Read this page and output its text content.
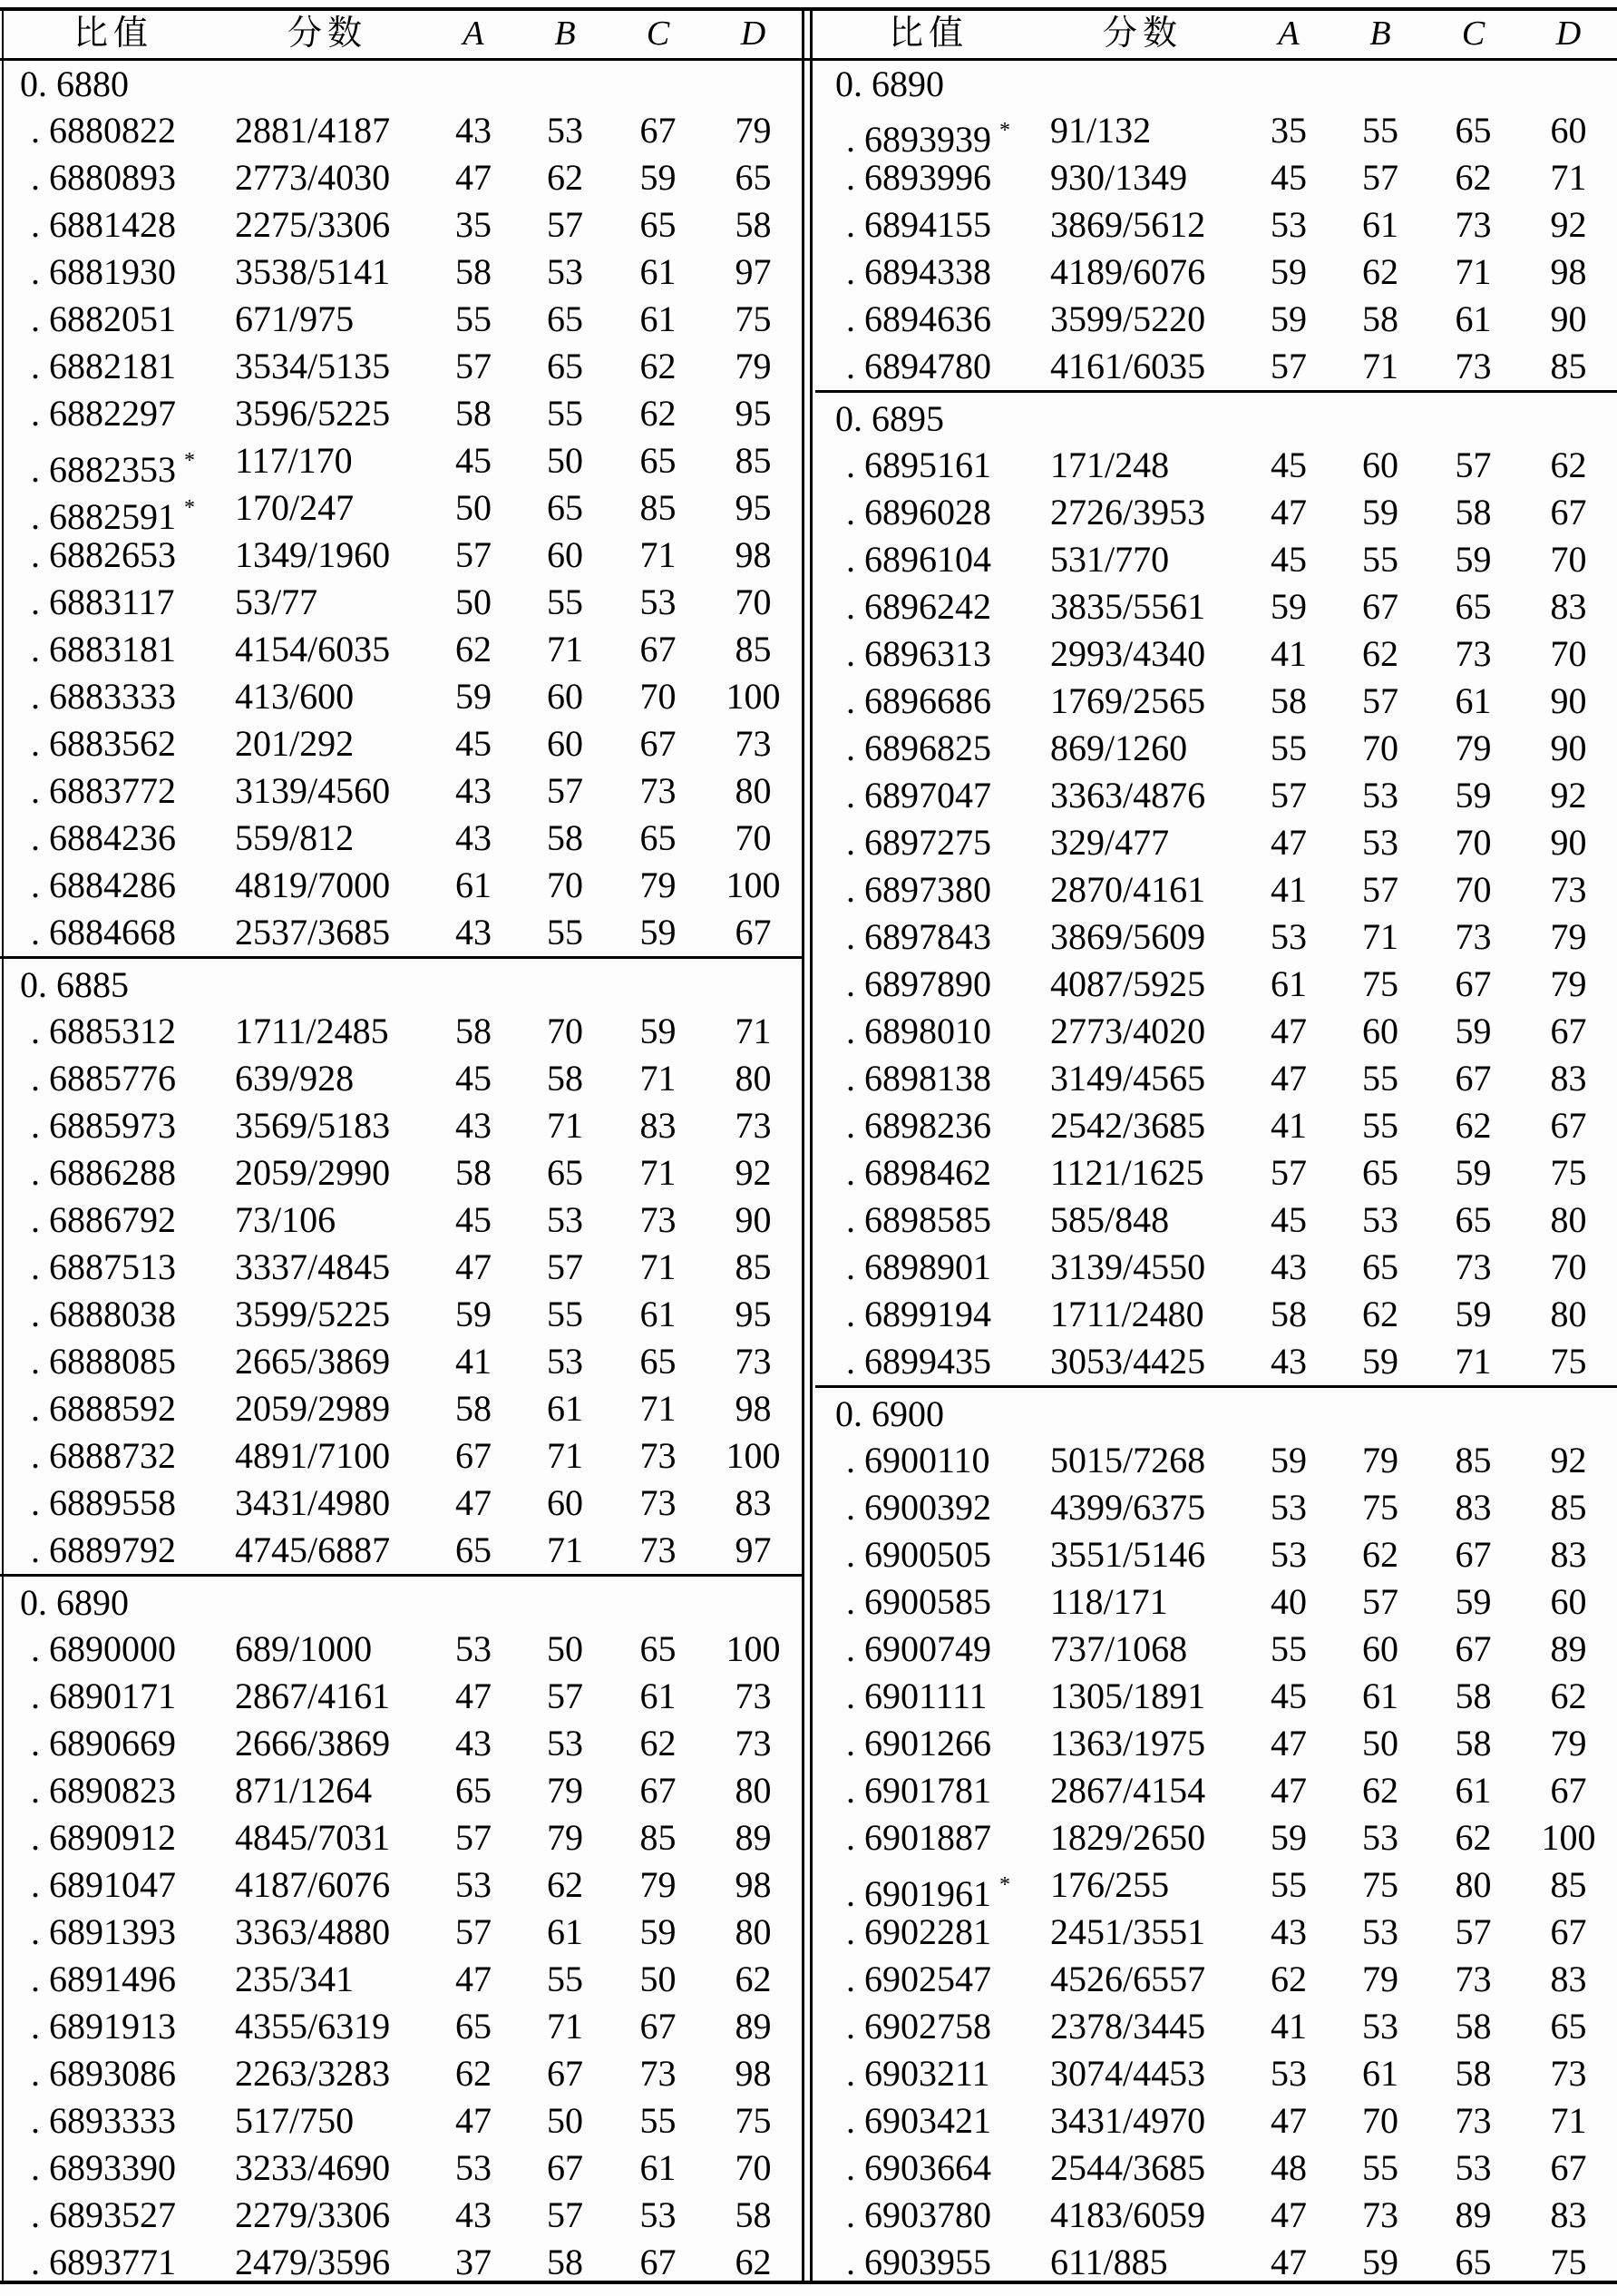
比值	分数	A	B	C	D
0. 6880
. 6880822	2881/4187	43	53	67	79
. 6880893	2773/4030	47	62	59	65
. 6881428	2275/3306	35	57	65	58
. 6881930	3538/5141	58	53	61	97
. 6882051	671/975	55	65	61	75
. 6882181	3534/5135	57	65	62	79
. 6882297	3596/5225	58	55	62	95
. 6882353 *	117/170	45	50	65	85
. 6882591 *	170/247	50	65	85	95
. 6882653	1349/1960	57	60	71	98
. 6883117	53/77	50	55	53	70
. 6883181	4154/6035	62	71	67	85
. 6883333	413/600	59	60	70	100
. 6883562	201/292	45	60	67	73
. 6883772	3139/4560	43	57	73	80
. 6884236	559/812	43	58	65	70
. 6884286	4819/7000	61	70	79	100
. 6884668	2537/3685	43	55	59	67
0. 6885
. 6885312	1711/2485	58	70	59	71
. 6885776	639/928	45	58	71	80
. 6885973	3569/5183	43	71	83	73
. 6886288	2059/2990	58	65	71	92
. 6886792	73/106	45	53	73	90
. 6887513	3337/4845	47	57	71	85
. 6888038	3599/5225	59	55	61	95
. 6888085	2665/3869	41	53	65	73
. 6888592	2059/2989	58	61	71	98
. 6888732	4891/7100	67	71	73	100
. 6889558	3431/4980	47	60	73	83
. 6889792	4745/6887	65	71	73	97
0. 6890
. 6890000	689/1000	53	50	65	100
. 6890171	2867/4161	47	57	61	73
. 6890669	2666/3869	43	53	62	73
. 6890823	871/1264	65	79	67	80
. 6890912	4845/7031	57	79	85	89
. 6891047	4187/6076	53	62	79	98
. 6891393	3363/4880	57	61	59	80
. 6891496	235/341	47	55	50	62
. 6891913	4355/6319	65	71	67	89
. 6893086	2263/3283	62	67	73	98
. 6893333	517/750	47	50	55	75
. 6893390	3233/4690	53	67	61	70
. 6893527	2279/3306	43	57	53	58
. 6893771	2479/3596	37	58	67	62
比值	分数	A	B	C	D
0. 6890
. 6893939 *	91/132	35	55	65	60
. 6893996	930/1349	45	57	62	71
. 6894155	3869/5612	53	61	73	92
. 6894338	4189/6076	59	62	71	98
. 6894636	3599/5220	59	58	61	90
. 6894780	4161/6035	57	71	73	85
0. 6895
. 6895161	171/248	45	60	57	62
. 6896028	2726/3953	47	59	58	67
. 6896104	531/770	45	55	59	70
. 6896242	3835/5561	59	67	65	83
. 6896313	2993/4340	41	62	73	70
. 6896686	1769/2565	58	57	61	90
. 6896825	869/1260	55	70	79	90
. 6897047	3363/4876	57	53	59	92
. 6897275	329/477	47	53	70	90
. 6897380	2870/4161	41	57	70	73
. 6897843	3869/5609	53	71	73	79
. 6897890	4087/5925	61	75	67	79
. 6898010	2773/4020	47	60	59	67
. 6898138	3149/4565	47	55	67	83
. 6898236	2542/3685	41	55	62	67
. 6898462	1121/1625	57	65	59	75
. 6898585	585/848	45	53	65	80
. 6898901	3139/4550	43	65	73	70
. 6899194	1711/2480	58	62	59	80
. 6899435	3053/4425	43	59	71	75
0. 6900
. 6900110	5015/7268	59	79	85	92
. 6900392	4399/6375	53	75	83	85
. 6900505	3551/5146	53	62	67	83
. 6900585	118/171	40	57	59	60
. 6900749	737/1068	55	60	67	89
. 6901111	1305/1891	45	61	58	62
. 6901266	1363/1975	47	50	58	79
. 6901781	2867/4154	47	62	61	67
. 6901887	1829/2650	59	53	62	100
. 6901961 *	176/255	55	75	80	85
. 6902281	2451/3551	43	53	57	67
. 6902547	4526/6557	62	79	73	83
. 6902758	2378/3445	41	53	58	65
. 6903211	3074/4453	53	61	58	73
. 6903421	3431/4970	47	70	73	71
. 6903664	2544/3685	48	55	53	67
. 6903780	4183/6059	47	73	89	83
. 6903955	611/885	47	59	65	75
